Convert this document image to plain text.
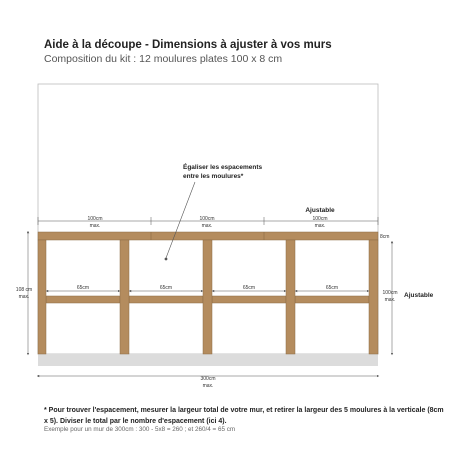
Aide à la découpe - Dimensions à ajuster à vos murs
Composition du kit : 12 moulures plates 100 x 8 cm
Égaliser les espacements
entre les moulures*
100cm
max.
100cm
max.
100cm
max.
Ajustable
8cm
65cm	65cm	65cm	65cm
108 cm
max.
100cm
max.
Ajustable
300cm
max.
* Pour trouver l'espacement, mesurer la largeur total de votre mur, et retirer la largeur des 5 moulures à la verticale (8cm x 5). Diviser le total par le nombre d'espacement (ici 4).
Exemple pour un mur de 300cm : 300 - 5x8 = 260 ; et 260/4 = 65 cm
